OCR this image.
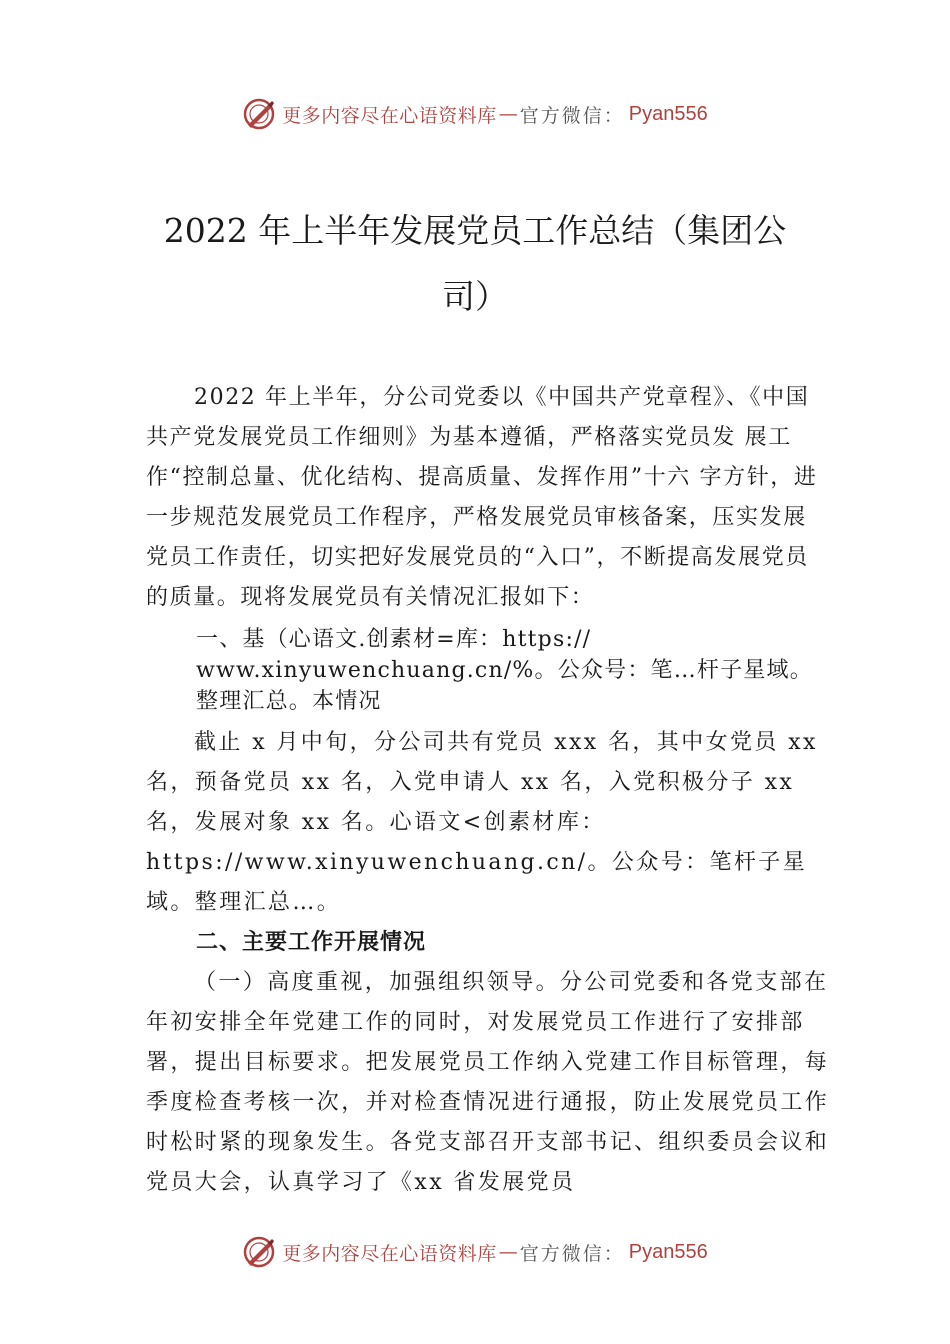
更多内容尽在心语资料库 — 官方微信： Pyan556
2022 年上半年发展党员工作总结（集团公司）

2022 年上半年，分公司党委以《中国共产党章程》、《中国共产党发展党员工作细则》为基本遵循，严格落实党员发 展工作“控制总量、优化结构、提高质量、发挥作用”十六 字方针，进一步规范发展党员工作程序，严格发展党员审核备案，压实发展党员工作责任，切实把好发展党员的“入口”，不断提高发展党员的质量。现将发展党员有关情况汇报如下：

一、基（心语文.创素材=库：https:// www.xinyuwenchuang.cn/%。公众号：笔…杆子星域。整理汇总。本情况

截止 x 月中旬，分公司共有党员 xxx 名，其中女党员 xx 名，预备党员 xx 名，入党申请人 xx 名，入党积极分子 xx 名，发展对象 xx 名。心语文<创素材库：https://www.xinyuwenchuang.cn/。公众号：笔杆子星域。整理汇总…。

二、主要工作开展情况

（一）高度重视，加强组织领导。分公司党委和各党支部在年初安排全年党建工作的同时，对发展党员工作进行了安排部署，提出目标要求。把发展党员工作纳入党建工作目标管理，每季度检查考核一次，并对检查情况进行通报，防止发展党员工作时松时紧的现象发生。各党支部召开支部书记、组织委员会议和党员大会，认真学习了《xx 省发展党员

更多内容尽在心语资料库 — 官方微信： Pyan556
